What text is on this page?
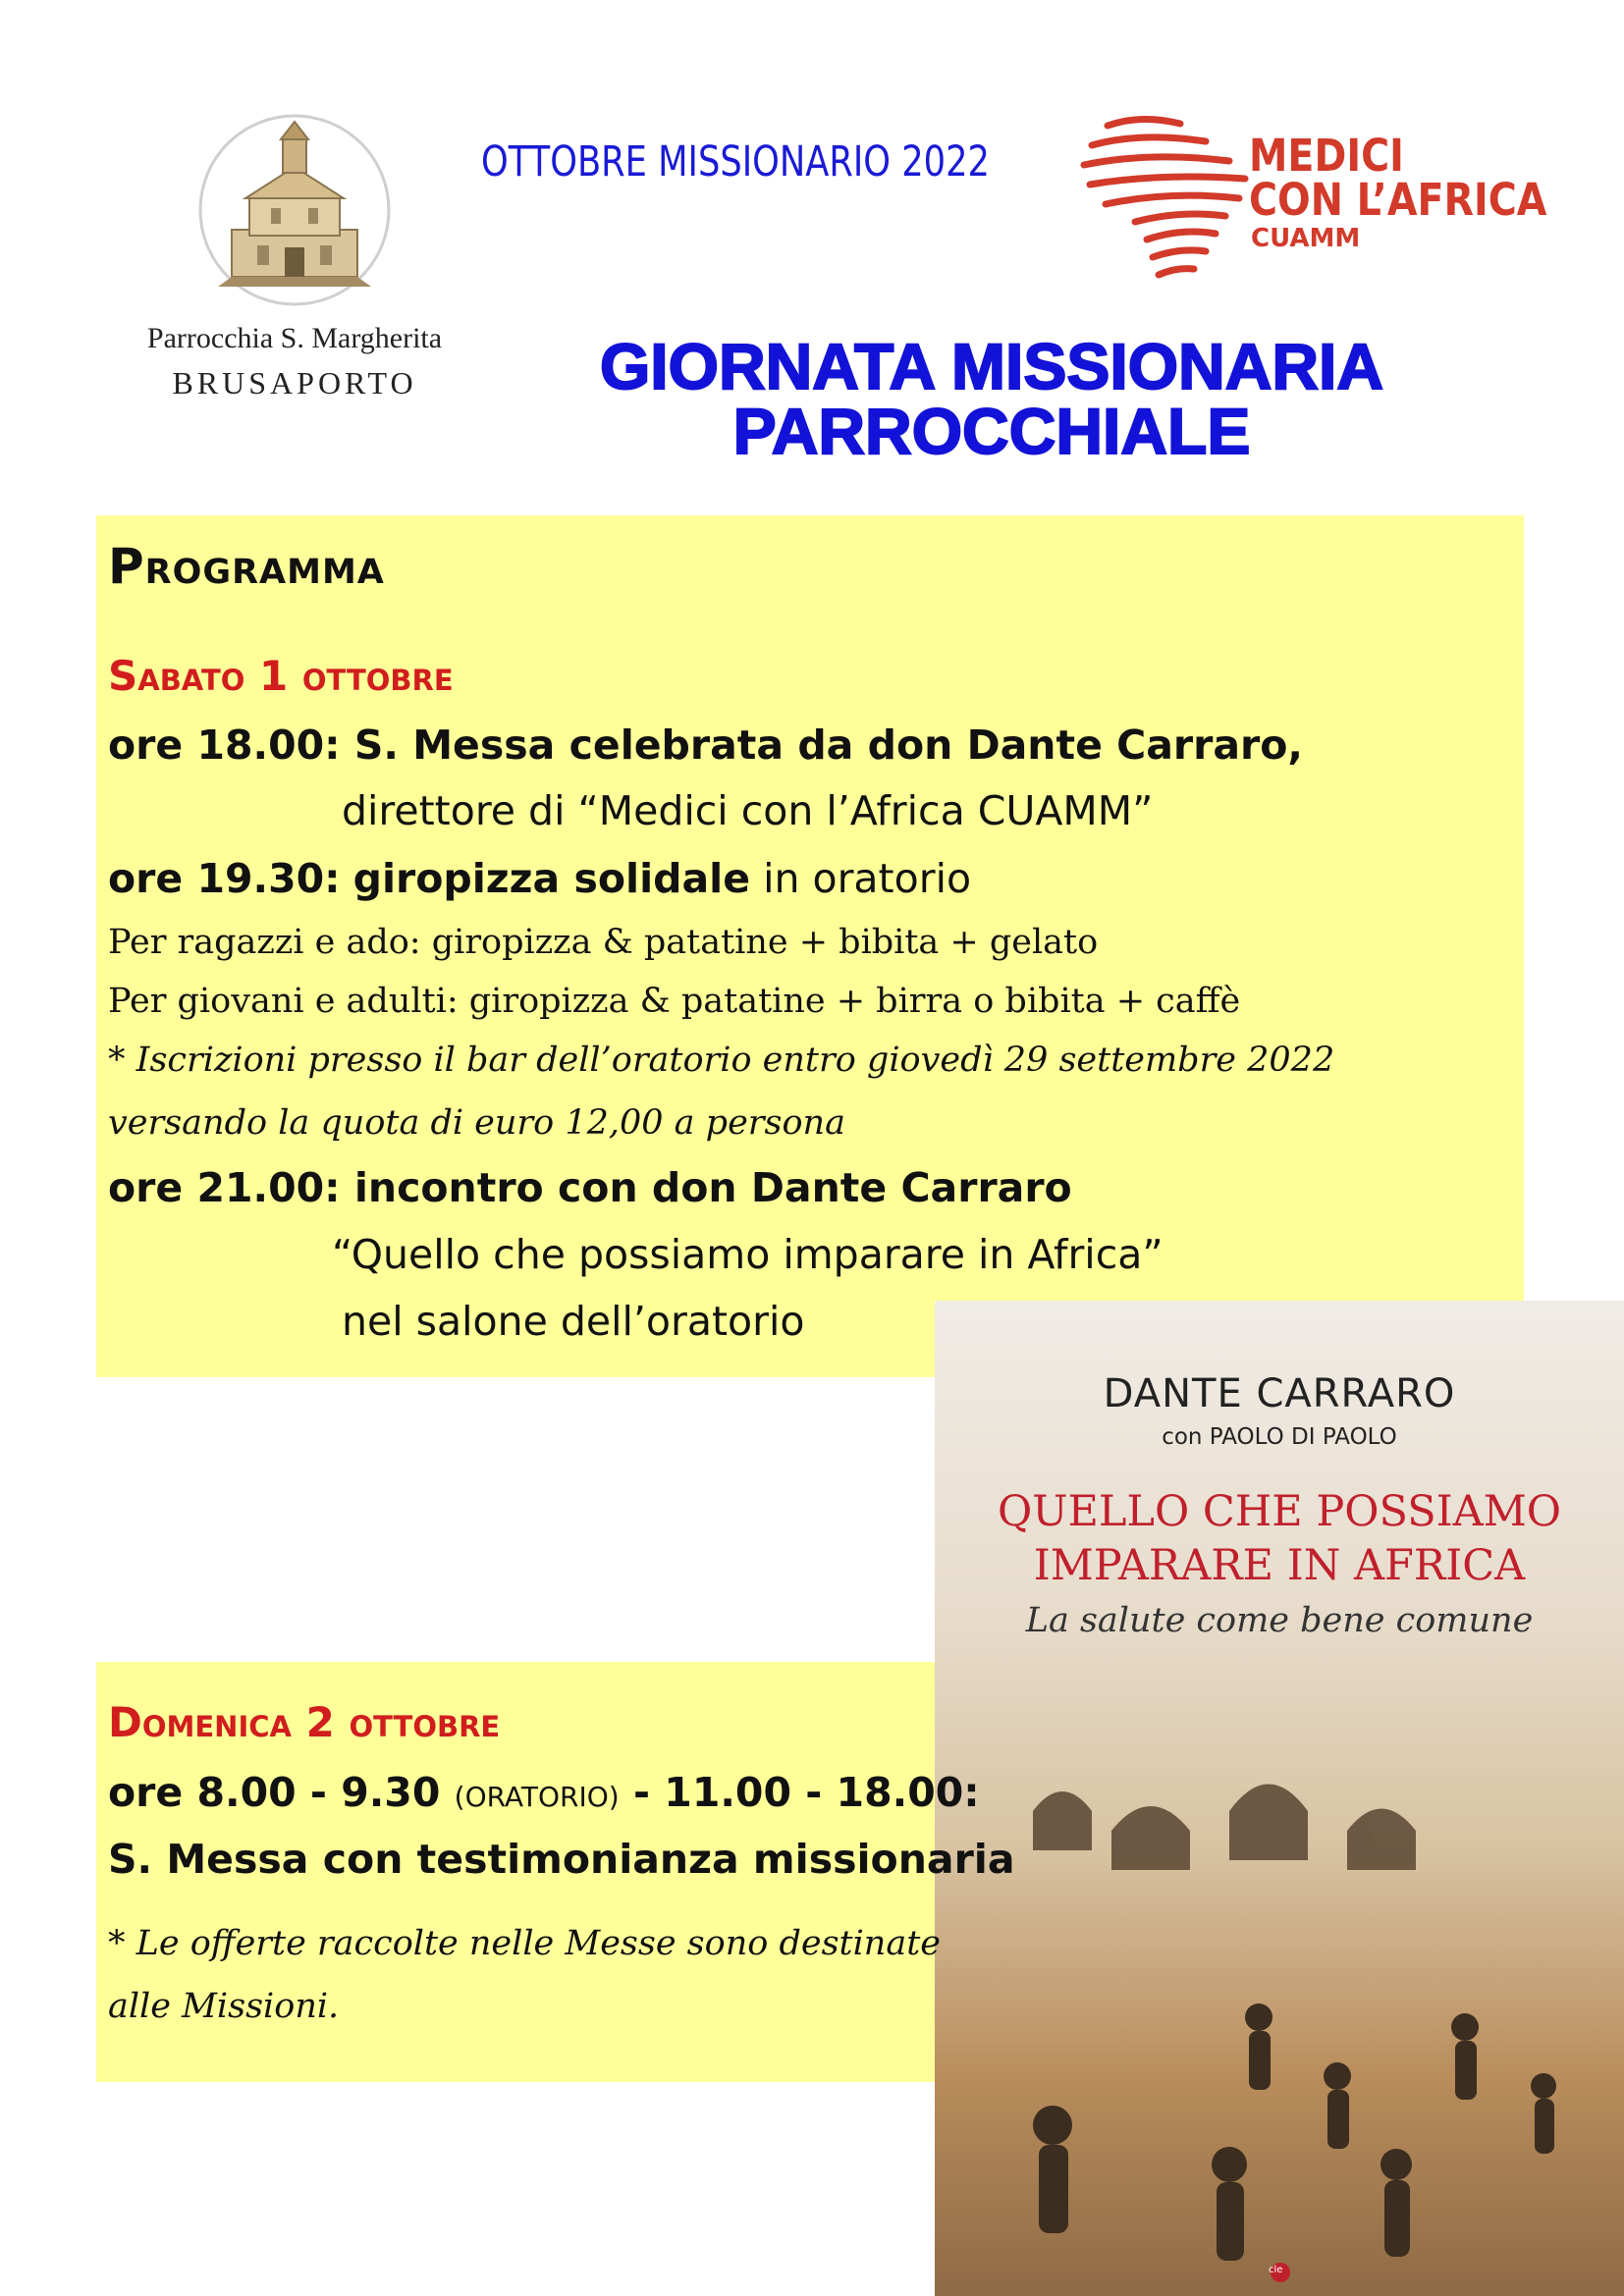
Parrocchia S. Margherita
BRUSAPORTO
OTTOBRE MISSIONARIO 2022	MEDICI
CON L’AFRICA
CUAMM
GIORNATA MISSIONARIA
PARROCCHIALE
DANTE CARRARO
con PAOLO DI PAOLO
QUELLO CHE POSSIAMO
IMPARARE IN AFRICA
La salute come bene comune
cle
Programma
Sabato 1 ottobre
ore 18.00: S. Messa celebrata da don Dante Carraro,
direttore di “Medici con l’Africa CUAMM”
ore 19.30: giropizza solidale in oratorio
Per ragazzi e ado: giropizza & patatine + bibita + gelato
Per giovani e adulti: giropizza & patatine + birra o bibita + caffè
* Iscrizioni presso il bar dell’oratorio entro giovedì 29 settembre 2022
versando la quota di euro 12,00 a persona
ore 21.00: incontro con don Dante Carraro
“Quello che possiamo imparare in Africa”
nel salone dell’oratorio
Domenica 2 ottobre
ore 8.00 - 9.30 (ORATORIO) - 11.00 - 18.00:
S. Messa con testimonianza missionaria
* Le offerte raccolte nelle Messe sono destinate
alle Missioni.
